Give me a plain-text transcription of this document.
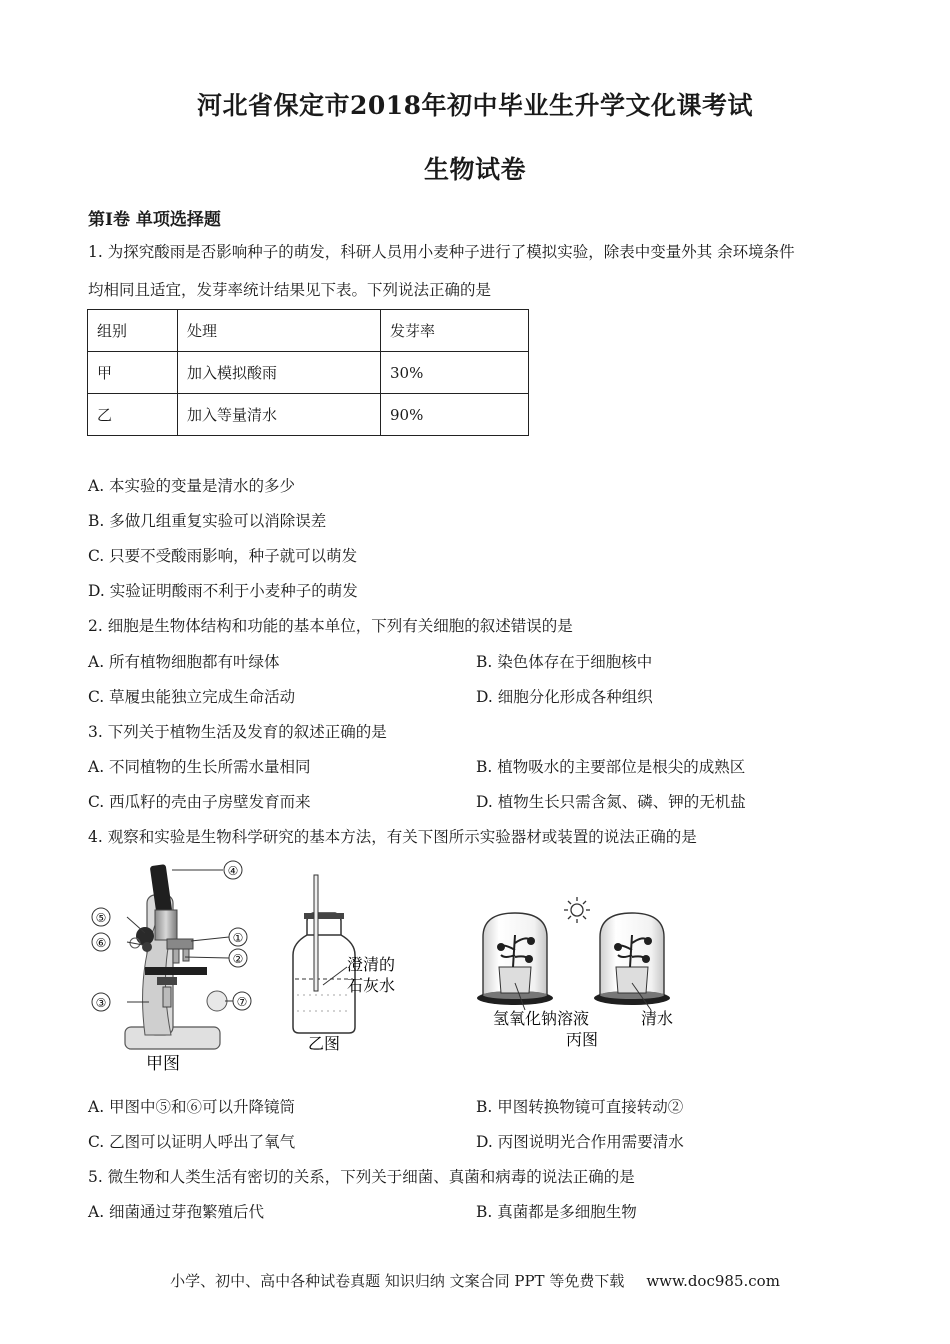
河北省保定市2018年初中毕业生升学文化课考试
生物试卷
第Ⅰ卷 单项选择题
1. 为探究酸雨是否影响种子的萌发，科研人员用小麦种子进行了模拟实验，除表中变量外其 余环境条件
均相同且适宜，发芽率统计结果见下表。下列说法正确的是
组别	处理	发芽率
甲	加入模拟酸雨	30%
乙	加入等量清水	90%
A. 本实验的变量是清水的多少
B. 多做几组重复实验可以消除误差
C. 只要不受酸雨影响，种子就可以萌发
D. 实验证明酸雨不利于小麦种子的萌发
2. 细胞是生物体结构和功能的基本单位，下列有关细胞的叙述错误的是
A. 所有植物细胞都有叶绿体	B. 染色体存在于细胞核中
C. 草履虫能独立完成生命活动	D. 细胞分化形成各种组织
3. 下列关于植物生活及发育的叙述正确的是
A. 不同植物的生长所需水量相同	B. 植物吸水的主要部位是根尖的成熟区
C. 西瓜籽的壳由子房壁发育而来	D. 植物生长只需含氮、磷、钾的无机盐
4. 观察和实验是生物科学研究的基本方法，有关下图所示实验器材或装置的说法正确的是
④
⑤
⑥	①
②
③	⑦
甲图
澄清的
石灰水
乙图
氢氧化钠溶液	清水
丙图
A. 甲图中⑤和⑥可以升降镜筒	B. 甲图转换物镜可直接转动②
C. 乙图可以证明人呼出了氧气	D. 丙图说明光合作用需要清水
5. 微生物和人类生活有密切的关系，下列关于细菌、真菌和病毒的说法正确的是
A. 细菌通过芽孢繁殖后代	B. 真菌都是多细胞生物
小学、初中、高中各种试卷真题 知识归纳 文案合同 PPT 等免费下载 www.doc985.com
